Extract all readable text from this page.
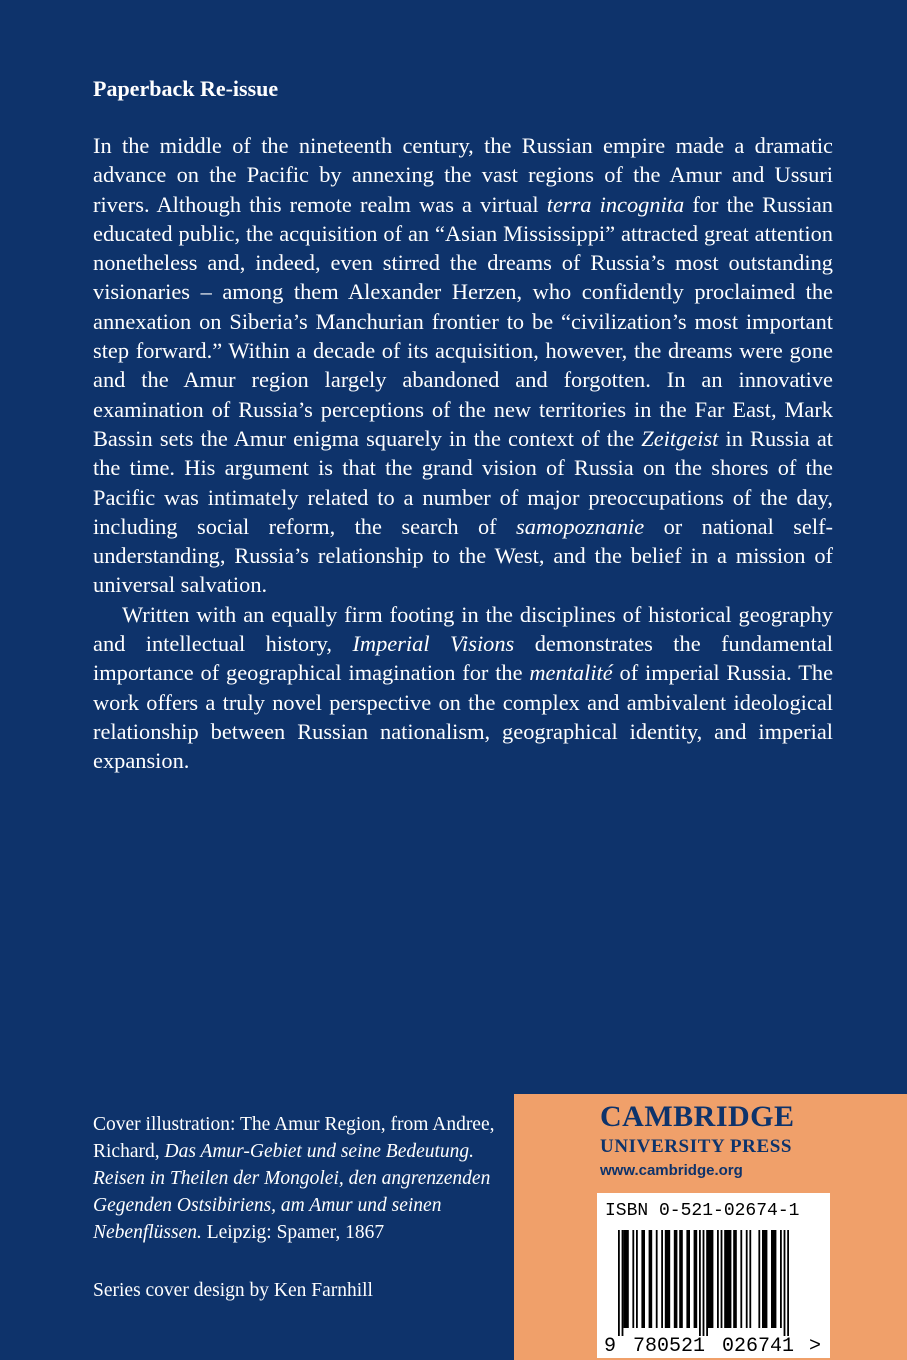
Paperback Re-issue

In the middle of the nineteenth century, the Russian empire made a dramatic advance on the Pacific by annexing the vast regions of the Amur and Ussuri rivers. Although this remote realm was a virtual terra incognita for the Russian educated public, the acquisition of an “Asian Mississippi” attracted great attention nonetheless and, indeed, even stirred the dreams of Russia’s most outstanding visionaries – among them Alexander Herzen, who confidently proclaimed the annexation on Siberia’s Manchurian frontier to be “civilization’s most important step forward.” Within a decade of its acquisition, however, the dreams were gone and the Amur region largely abandoned and forgotten. In an innovative examination of Russia’s perceptions of the new territories in the Far East, Mark Bassin sets the Amur enigma squarely in the context of the Zeitgeist in Russia at the time. His argument is that the grand vision of Russia on the shores of the Pacific was intimately related to a number of major preoccupations of the day, including social reform, the search of samopoznanie or national self-understanding, Russia’s relationship to the West, and the belief in a mission of universal salvation.

Written with an equally firm footing in the disciplines of historical geography and intellectual history, Imperial Visions demonstrates the fundamental importance of geographical imagination for the mentalité of imperial Russia. The work offers a truly novel perspective on the complex and ambivalent ideological relationship between Russian nationalism, geographical identity, and imperial expansion.

Cover illustration: The Amur Region, from Andree, Richard, Das Amur-Gebiet und seine Bedeutung. Reisen in Theilen der Mongolei, den angrenzenden Gegenden Ostsibiriens, am Amur und seinen Nebenflüssen. Leipzig: Spamer, 1867

Series cover design by Ken Farnhill

CAMBRIDGE
UNIVERSITY PRESS
www.cambridge.org
ISBN 0-521-02674-1
9 780521 026741 >
